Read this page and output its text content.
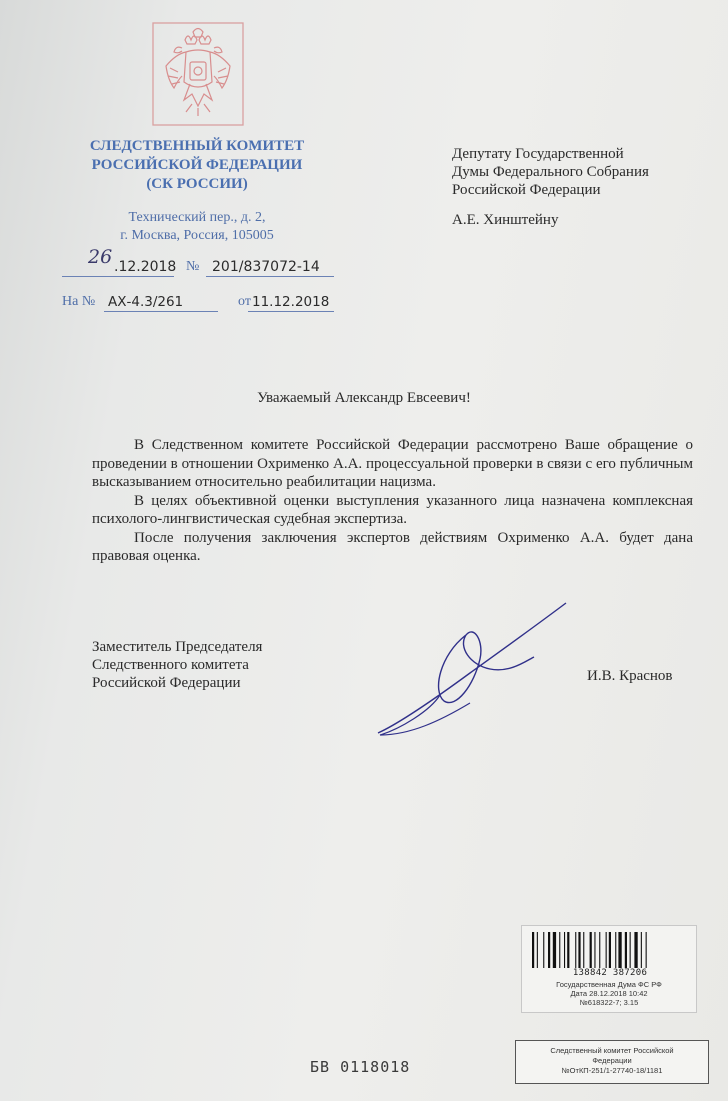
СЛЕДСТВЕННЫЙ КОМИТЕТ
РОССИЙСКОЙ ФЕДЕРАЦИИ
(СК РОССИИ)
Технический пер., д. 2,
г. Москва, Россия, 105005
26 .12.2018 № 201/837072-14
На № АХ-4.3/261	от 11.12.2018
Депутату Государственной
Думы Федерального Собрания
Российской Федерации
А.Е. Хинштейну
Уважаемый Александр Евсеевич!

В Следственном комитете Российской Федерации рассмотрено Ваше обращение о проведении в отношении Охрименко А.А. процессуальной проверки в связи с его публичным высказыванием относительно реабилитации нацизма.

В целях объективной оценки выступления указанного лица назначена комплексная психолого-лингвистическая судебная экспертиза.

После получения заключения экспертов действиям Охрименко А.А. будет дана правовая оценка.

Заместитель Председателя
Следственного комитета
Российской Федерации	И.В. Краснов
138842 387206
Государственная Дума ФС РФ
Дата 28.12.2018 10:42
№618322-7; 3.15
БВ 0118018
Следственный комитет Российской
Федерации
№ОтКП-251/1-27740-18/1181
